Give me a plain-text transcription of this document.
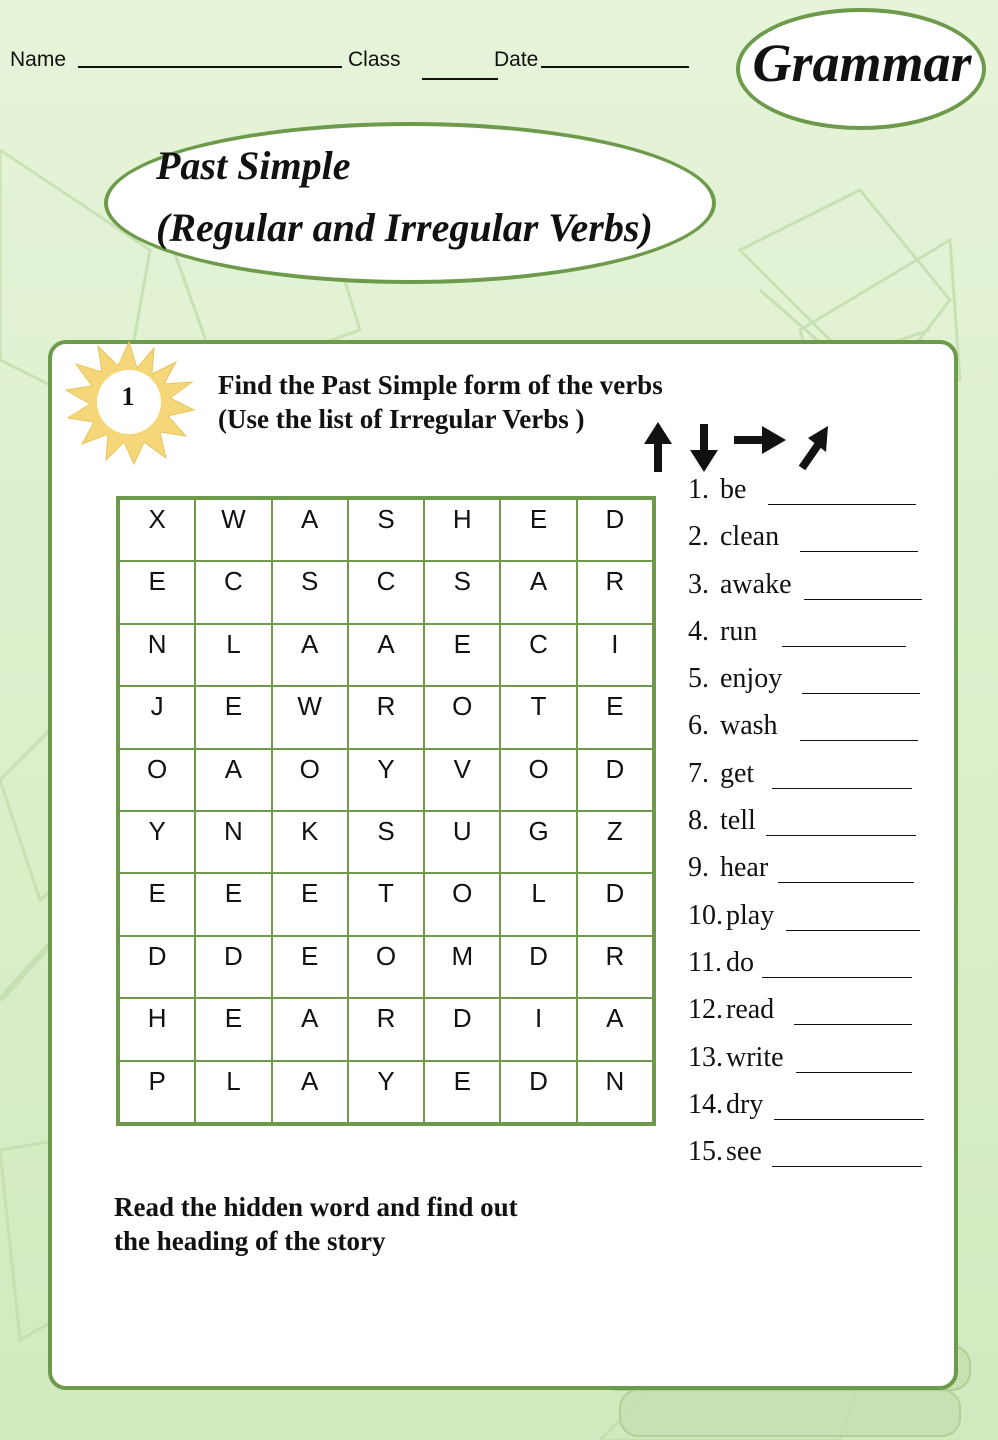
Name	Class	Date	Grammar
Past Simple
(Regular and Irregular Verbs)
1	Find the Past Simple form of the verbs
(Use the list of Irregular Verbs )
X	W	A	S	H	E	D
E	C	S	C	S	A	R
N	L	A	A	E	C	I
J	E	W	R	O	T	E
O	A	O	Y	V	O	D
Y	N	K	S	U	G	Z
E	E	E	T	O	L	D
D	D	E	O	M	D	R
H	E	A	R	D	I	A
P	L	A	Y	E	D	N
1. be
2. clean
3. awake
4. run
5. enjoy
6. wash
7. get
8. tell
9. hear
10. play
11. do
12. read
13. write
14. dry
15. see
Read the hidden word and find out
the heading of the story
